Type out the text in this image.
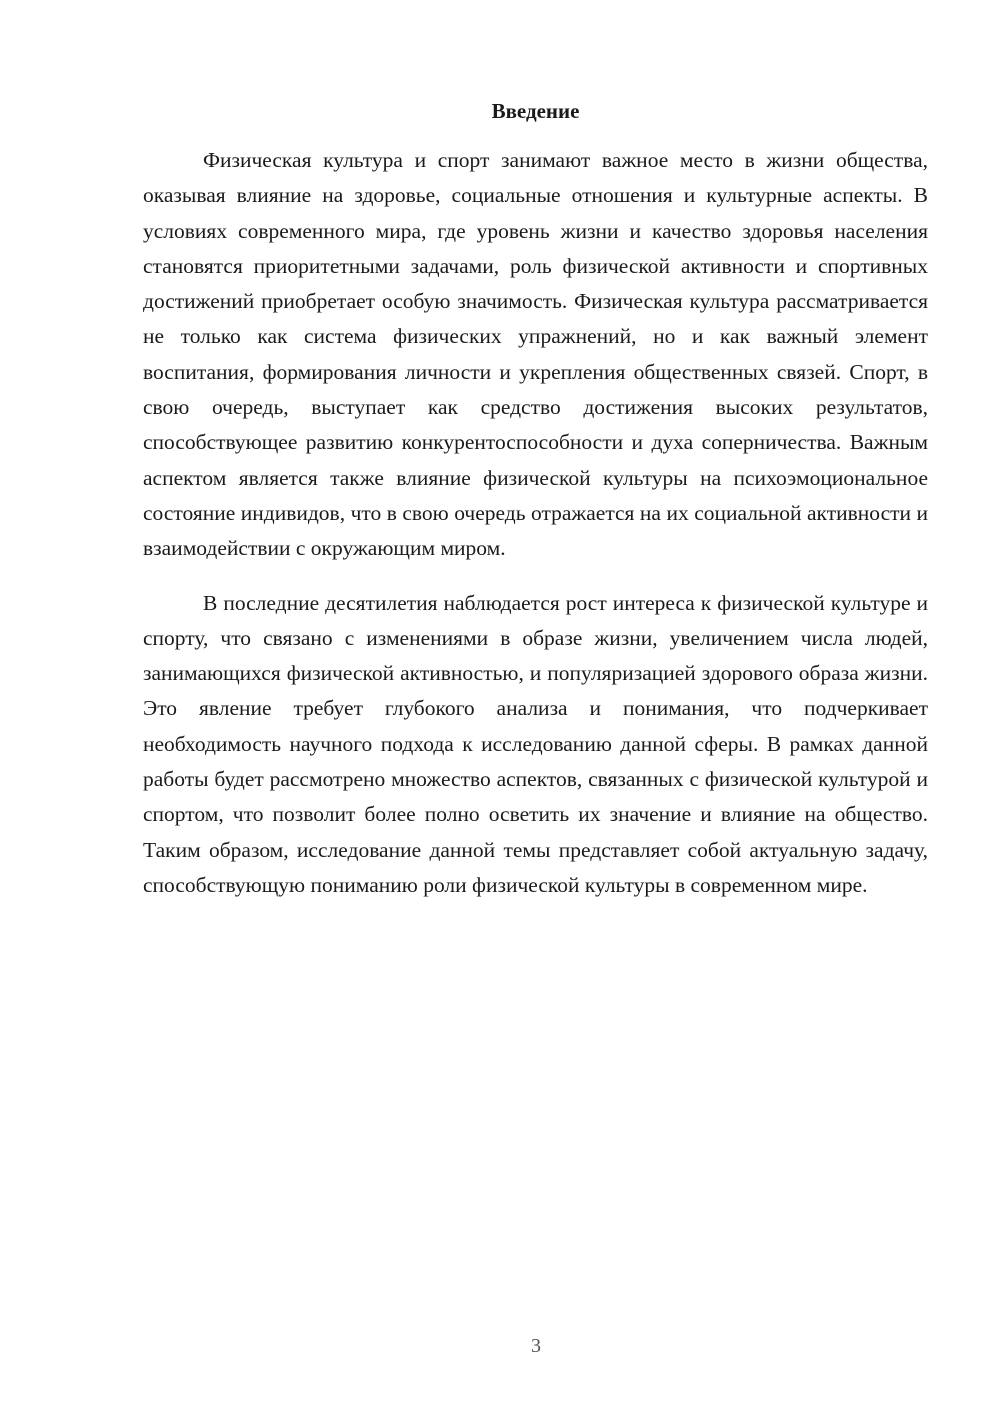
Введение

Физическая культура и спорт занимают важное место в жизни общества, оказывая влияние на здоровье, социальные отношения и культурные аспекты. В условиях современного мира, где уровень жизни и качество здоровья населения становятся приоритетными задачами, роль физической активности и спортивных достижений приобретает особую значимость. Физическая культура рассматривается не только как система физических упражнений, но и как важный элемент воспитания, формирования личности и укрепления общественных связей. Спорт, в свою очередь, выступает как средство достижения высоких результатов, способствующее развитию конкурентоспособности и духа соперничества. Важным аспектом является также влияние физической культуры на психоэмоциональное состояние индивидов, что в свою очередь отражается на их социальной активности и взаимодействии с окружающим миром.

В последние десятилетия наблюдается рост интереса к физической культуре и спорту, что связано с изменениями в образе жизни, увеличением числа людей, занимающихся физической активностью, и популяризацией здорового образа жизни. Это явление требует глубокого анализа и понимания, что подчеркивает необходимость научного подхода к исследованию данной сферы. В рамках данной работы будет рассмотрено множество аспектов, связанных с физической культурой и спортом, что позволит более полно осветить их значение и влияние на общество. Таким образом, исследование данной темы представляет собой актуальную задачу, способствующую пониманию роли физической культуры в современном мире.

3
